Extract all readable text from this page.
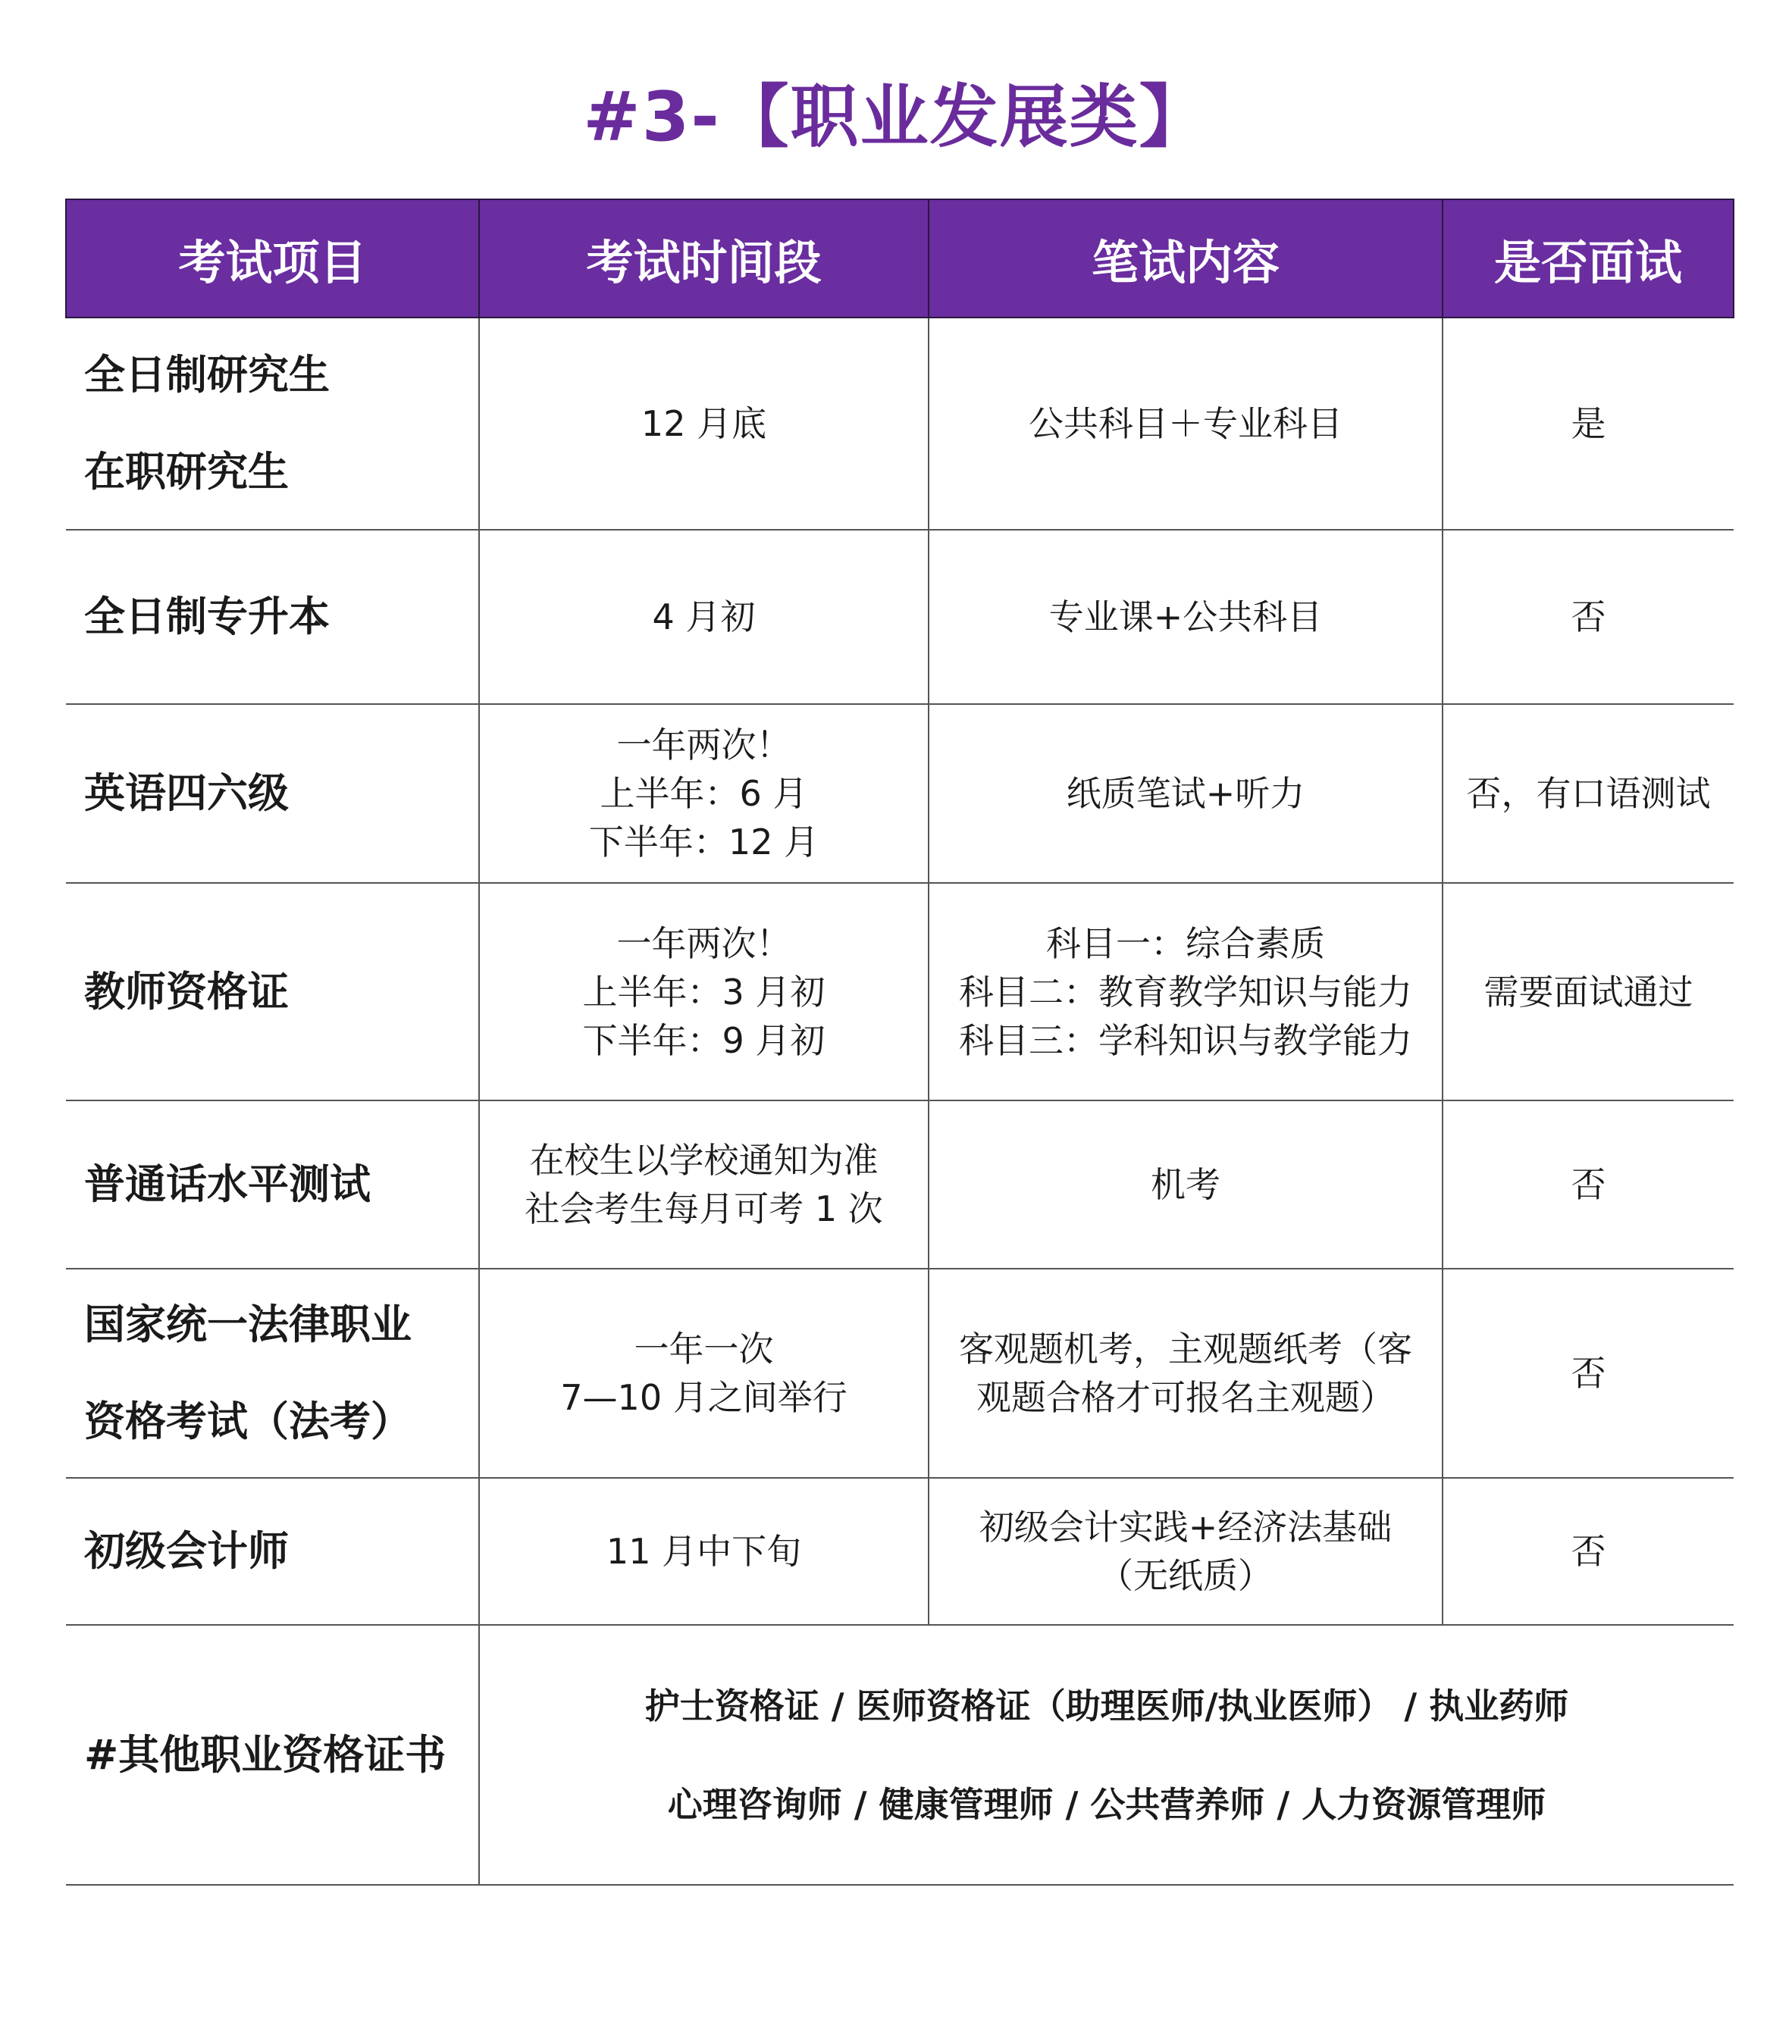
#3-【职业发展类】
考试项目	考试时间段	笔试内容	是否面试

全日制研究生
在职研究生	12 月底	公共科目＋专业科目	是

全日制专升本	4 月初	专业课+公共科目	否

英语四六级	一年两次！
上半年：6 月
下半年：12 月	纸质笔试+听力	否，有口语测试

教师资格证	一年两次！
上半年：3 月初
下半年：9 月初	科目一：综合素质
科目二：教育教学知识与能力
科目三：学科知识与教学能力	需要面试通过

普通话水平测试	在校生以学校通知为准
社会考生每月可考 1 次	机考	否

国家统一法律职业
资格考试（法考）	一年一次
7—10 月之间举行	客观题机考，主观题纸考（客
观题合格才可报名主观题）	否

初级会计师	11 月中下旬	初级会计实践+经济法基础
（无纸质）	否
#其他职业资格证书	护士资格证 / 医师资格证（助理医师/执业医师） / 执业药师
心理咨询师 / 健康管理师 / 公共营养师 / 人力资源管理师		
